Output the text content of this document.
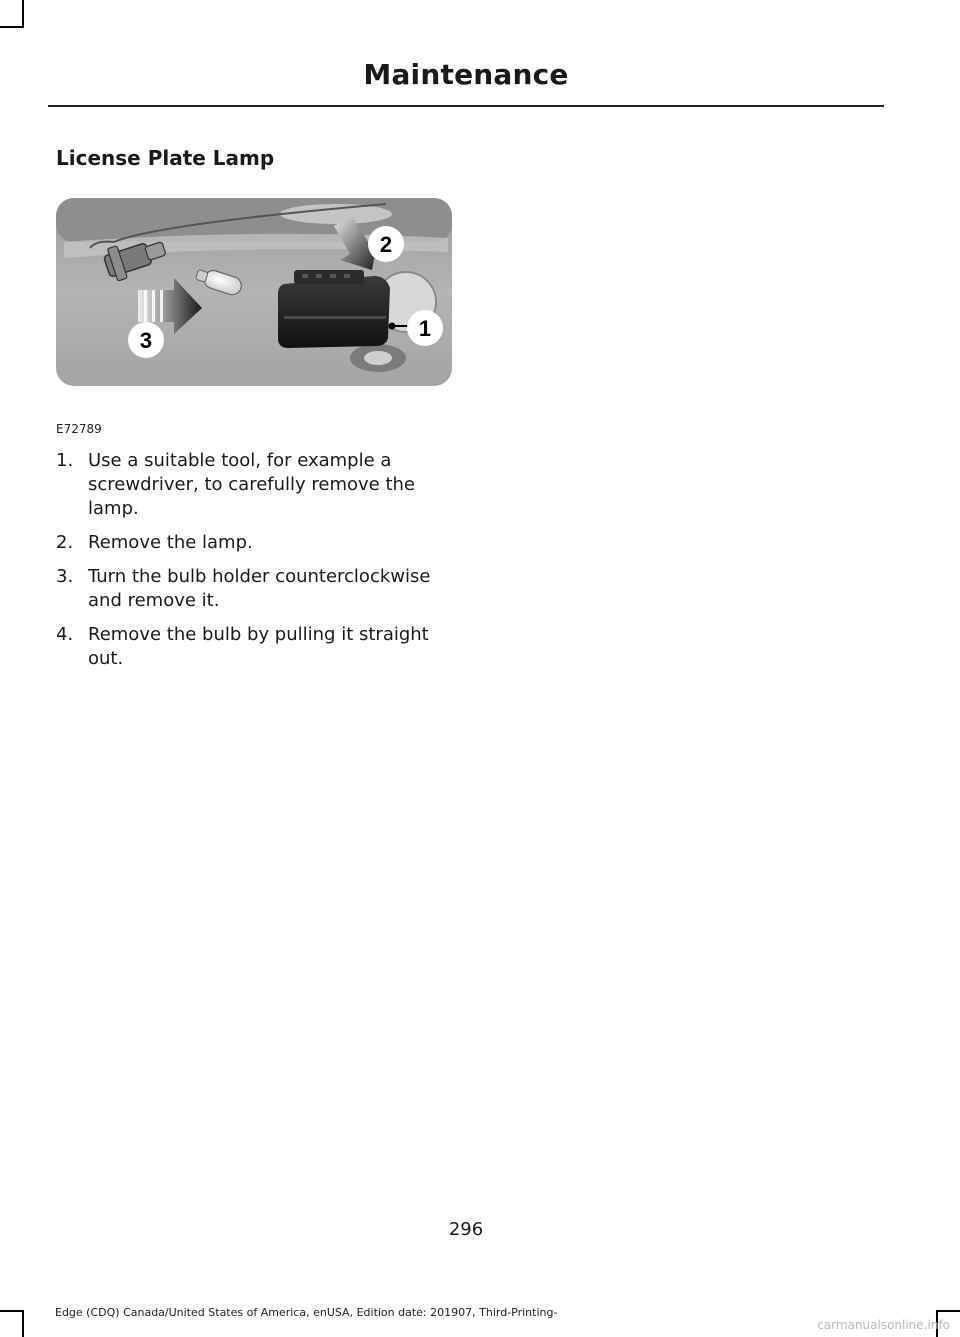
Maintenance
License Plate Lamp
2
1
3
E72789
1. Use a suitable tool, for example a screwdriver, to carefully remove the lamp.
2. Remove the lamp.
3. Turn the bulb holder counterclockwise and remove it.
4. Remove the bulb by pulling it straight out.
296
Edge (CDQ) Canada/United States of America, enUSA, Edition date: 201907, Third-Printing-
carmanualsonline.info
